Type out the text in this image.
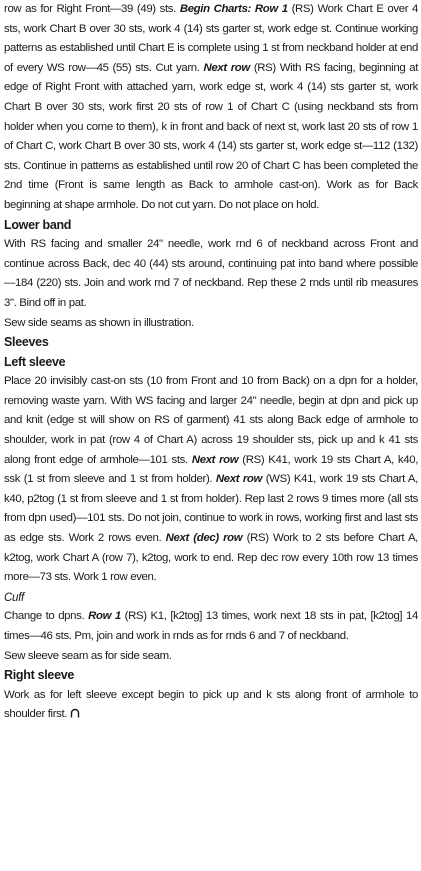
row as for Right Front—39 (49) sts. Begin Charts: Row 1 (RS) Work Chart E over 4 sts, work Chart B over 30 sts, work 4 (14) sts garter st, work edge st. Continue working patterns as established until Chart E is complete using 1 st from neckband holder at end of every WS row—45 (55) sts. Cut yarn. Next row (RS) With RS facing, beginning at edge of Right Front with attached yarn, work edge st, work 4 (14) sts garter st, work Chart B over 30 sts, work first 20 sts of row 1 of Chart C (using neckband sts from holder when you come to them), k in front and back of next st, work last 20 sts of row 1 of Chart C, work Chart B over 30 sts, work 4 (14) sts garter st, work edge st—112 (132) sts. Continue in patterns as established until row 20 of Chart C has been completed the 2nd time (Front is same length as Back to armhole cast-on). Work as for Back beginning at shape armhole. Do not cut yarn. Do not place on hold.

Lower band

With RS facing and smaller 24" needle, work rnd 6 of neckband across Front and continue across Back, dec 40 (44) sts around, continuing pat into band where possible—184 (220) sts. Join and work rnd 7 of neckband. Rep these 2 rnds until rib measures 3". Bind off in pat.

Sew side seams as shown in illustration.

Sleeves
Left sleeve

Place 20 invisibly cast-on sts (10 from Front and 10 from Back) on a dpn for a holder, removing waste yarn. With WS facing and larger 24" needle, begin at dpn and pick up and knit (edge st will show on RS of garment) 41 sts along Back edge of armhole to shoulder, work in pat (row 4 of Chart A) across 19 shoulder sts, pick up and k 41 sts along front edge of armhole—101 sts. Next row (RS) K41, work 19 sts Chart A, k40, ssk (1 st from sleeve and 1 st from holder). Next row (WS) K41, work 19 sts Chart A, k40, p2tog (1 st from sleeve and 1 st from holder). Rep last 2 rows 9 times more (all sts from dpn used)—101 sts. Do not join, continue to work in rows, working first and last sts as edge sts. Work 2 rows even. Next (dec) row (RS) Work to 2 sts before Chart A, k2tog, work Chart A (row 7), k2tog, work to end. Rep dec row every 10th row 13 times more—73 sts. Work 1 row even.

Cuff

Change to dpns. Row 1 (RS) K1, [k2tog] 13 times, work next 18 sts in pat, [k2tog] 14 times—46 sts. Pm, join and work in rnds as for rnds 6 and 7 of neckband.

Sew sleeve seam as for side seam.

Right sleeve

Work as for left sleeve except begin to pick up and k sts along front of armhole to shoulder first.
